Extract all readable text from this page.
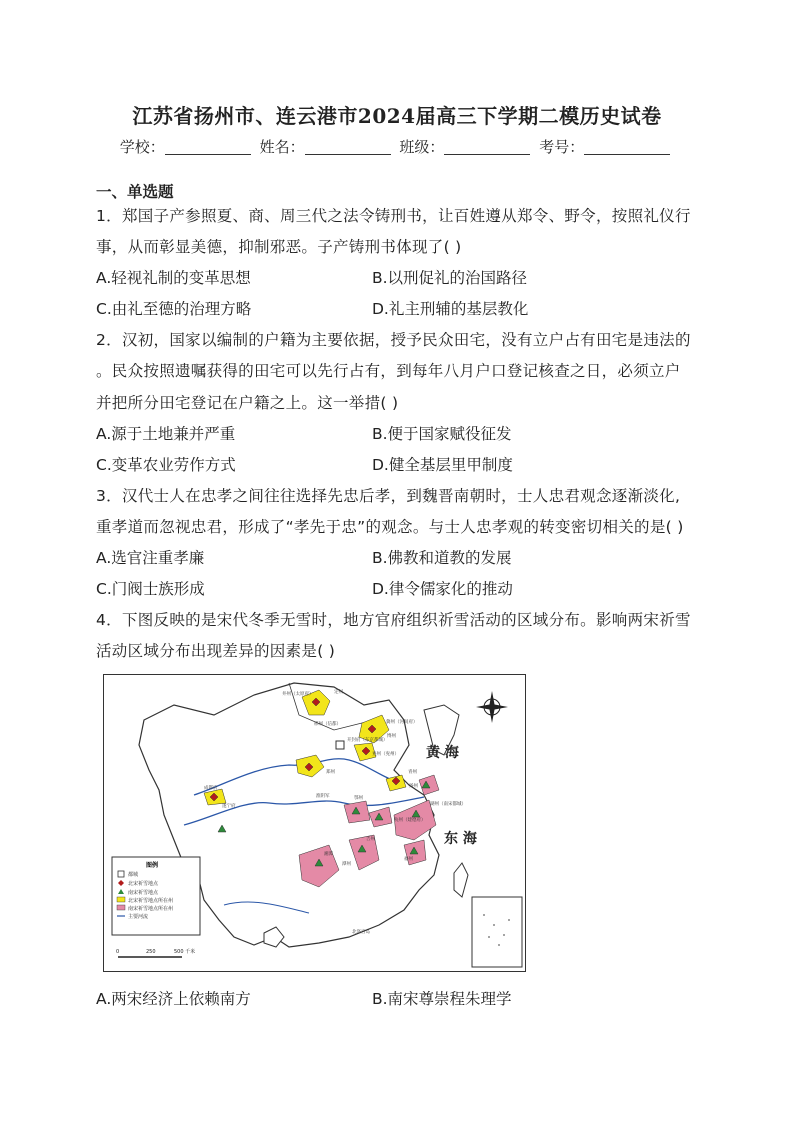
江苏省扬州市、连云港市2024届高三下学期二模历史试卷
学校：	姓名：	班级：	考号：
一、单选题
1．郑国子产参照夏、商、周三代之法令铸刑书，让百姓遵从郑令、野令，按照礼仪行
事，从而彰显美德，抑制邪恶。子产铸刑书体现了( )
A.轻视礼制的变革思想	B.以刑促礼的治国路径
C.由礼至德的治理方略	D.礼主刑辅的基层教化
2．汉初，国家以编制的户籍为主要依据，授予民众田宅，没有立户占有田宅是违法的
。民众按照遗嘱获得的田宅可以先行占有，到每年八月户口登记核查之日，必须立户
并把所分田宅登记在户籍之上。这一举措( )
A.源于土地兼并严重	B.便于国家赋役征发
C.变革农业劳作方式	D.健全基层里甲制度
3．汉代士人在忠孝之间往往选择先忠后孝，到魏晋南朝时，士人忠君观念逐渐淡化,
重孝道而忽视忠君，形成了“孝先于忠”的观念。与士人忠孝观的转变密切相关的是( )
A.选官注重孝廉	B.佛教和道教的发展
C.门阀士族形成	D.律令儒家化的推动
4．下图反映的是宋代冬季无雪时，地方官府组织祈雪活动的区域分布。影响两宋祈雪
活动区域分布出现差异的因素是( )
黄 海
东 海
井州（太原府）	定州
邢州（信都）
博州
冀州（河间府）
开封府（东京都城）
兖州（兖州）
郑州	青州
成都府
遂宁府
淮阴军	鄂州
扬州
湖州（南宋都城）
杭州（建德府）
湘潭
吉州
潭州
福州
北洛宫岛
图例
都城
北宋祈雪地点
南宋祈雪地点
北宋祈雪地点所在州
南宋祈雪地点所在州
主要河流
0	250	500 千米
A.两宋经济上依赖南方	B.南宋尊崇程朱理学
